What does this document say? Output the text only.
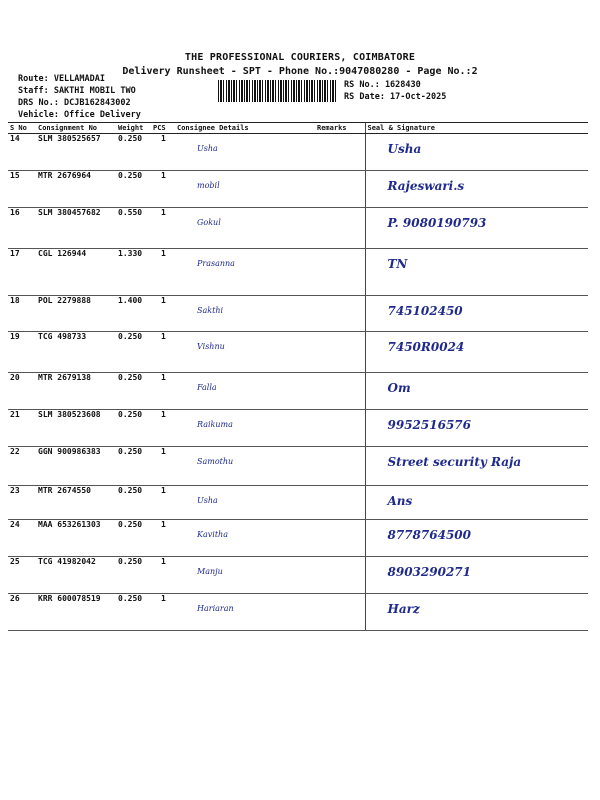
THE PROFESSIONAL COURIERS, COIMBATORE
Delivery Runsheet - SPT - Phone No.:9047080280 - Page No.:2
Route: VELLAMADAI
Staff: SAKTHI MOBIL TWO
DRS No.: DCJB162843002
Vehicle: Office Delivery
RS No.: 1628430
RS Date: 17-Oct-2025
S No	Consignment No	Weight	PCS	Consignee Details	Remarks	Seal & Signature
14	SLM 380525657	0.250	1	Usha		Usha
15	MTR 2676964	0.250	1	mobil		Rajeswari.s
16	SLM 380457682	0.550	1	Gokul		P. 9080190793
17	CGL 126944	1.330	1	Prasanna		TN
18	POL 2279888	1.400	1	Sakthi		745102450
19	TCG 498733	0.250	1	Vishnu		7450R0024
20	MTR 2679138	0.250	1	Falla		Om
21	SLM 380523608	0.250	1	Raikuma		9952516576
22	GGN 900986383	0.250	1	Samothu		Street security Raja
23	MTR 2674550	0.250	1	Usha		Ans
24	MAA 653261303	0.250	1	Kavitha		8778764500
25	TCG 41982042	0.250	1	Manju		8903290271
26	KRR 600078519	0.250	1	Hariaran		Harz
